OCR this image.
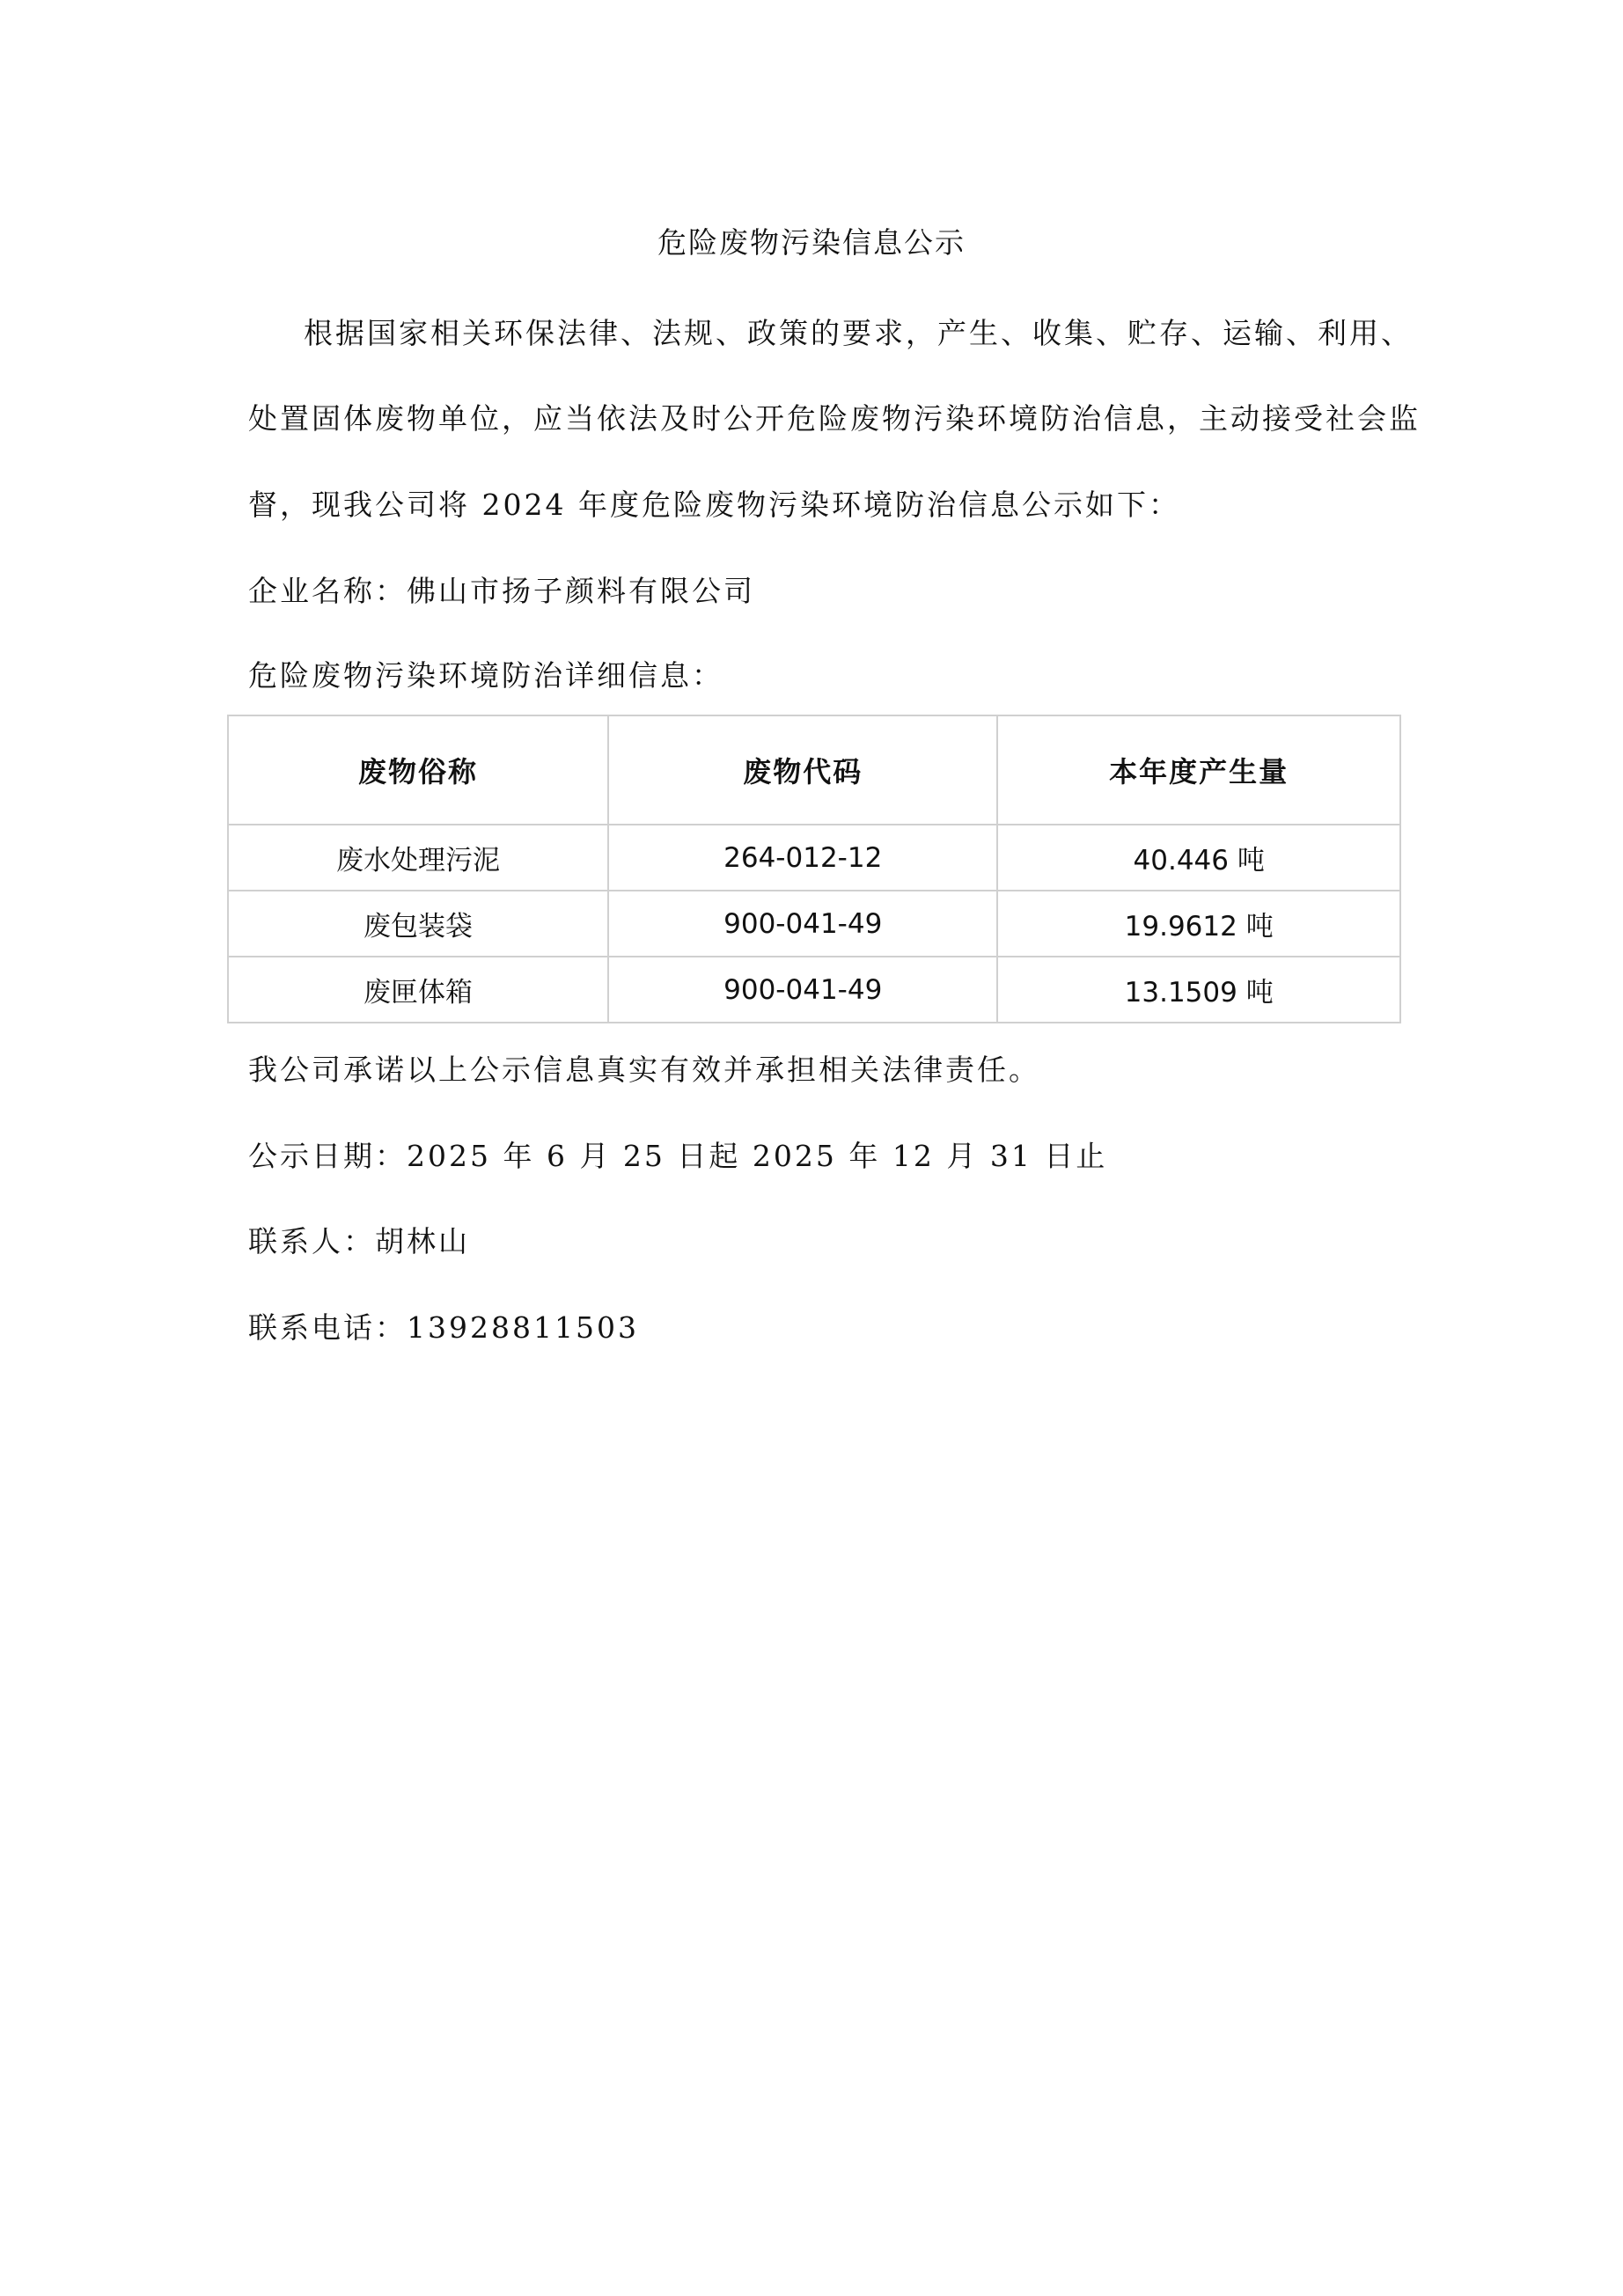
危险废物污染信息公示
根据国家相关环保法律、法规、政策的要求，产生、收集、贮存、运输、利用、
处置固体废物单位，应当依法及时公开危险废物污染环境防治信息，主动接受社会监
督，现我公司将 2024 年度危险废物污染环境防治信息公示如下：
企业名称：佛山市扬子颜料有限公司
危险废物污染环境防治详细信息：
废物俗称	废物代码	本年度产生量
废水处理污泥	264-012-12	40.446 吨
废包装袋	900-041-49	19.9612 吨
废匣体箱	900-041-49	13.1509 吨
我公司承诺以上公示信息真实有效并承担相关法律责任。
公示日期：2025 年 6 月 25 日起 2025 年 12 月 31 日止
联系人：胡林山
联系电话：13928811503
